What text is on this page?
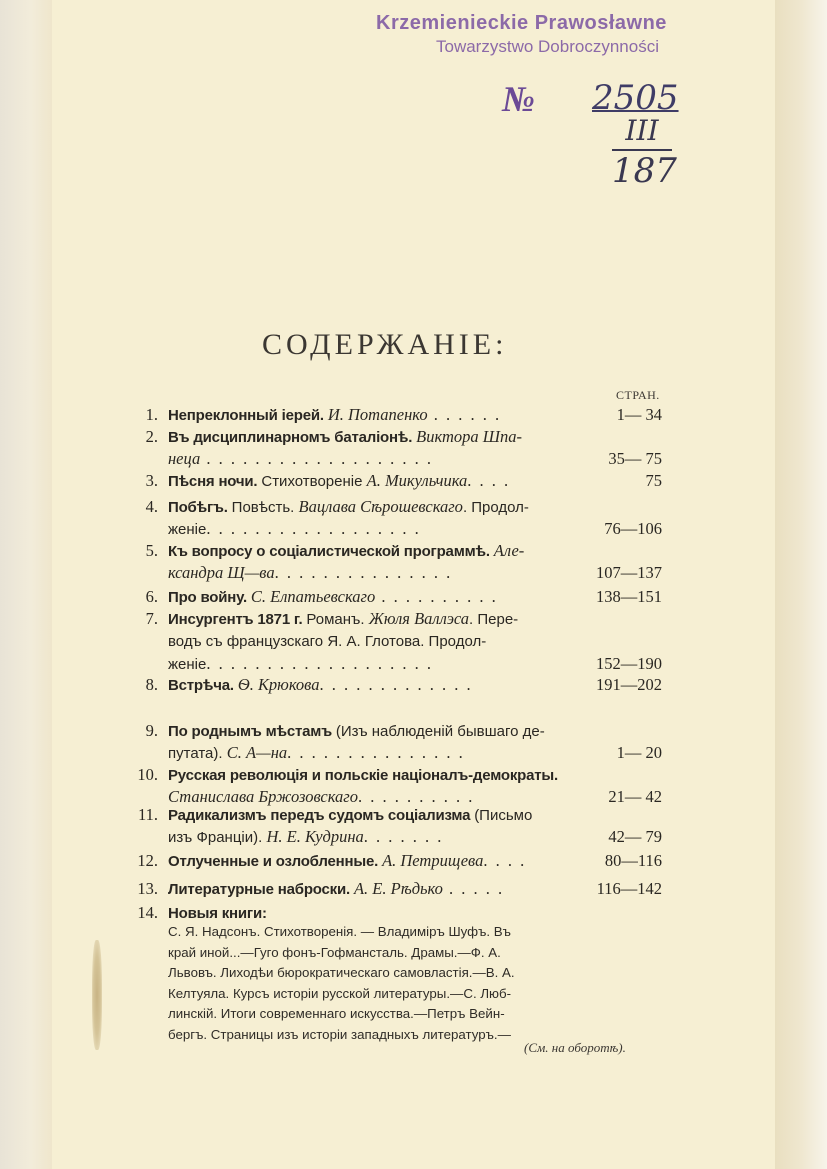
Krzemienieckie Prawosławne
Towarzystwo Dobroczynności
№ 2505
III
187
СОДЕРЖАНIЕ:
СТРАН.
1. Непреклонный iерей. И. Потапенко . . . . . .	1— 34
2. Въ дисциплинарномъ баталiонѣ. Виктора Шпа-
неца . . . . . . . . . . . . . . . . . . .	35— 75
3. Пѣсня ночи. Стихотворенiе А. Микульчика. . . .	75
4. Побѣгъ. Повѣсть. Вацлава Сѣрошевскаго. Продол-
женiе. . . . . . . . . . . . . . . . . .	76—106
5. Къ вопросу о соцiалистической программѣ. Але-
ксандра Щ—ва. . . . . . . . . . . . . . .	107—137
6. Про войну. С. Елпатьевскаго . . . . . . . . . .	138—151
7. Инсургентъ 1871 г. Романъ. Жюля Валлэса. Пере-
водъ съ французскаго Я. А. Глотова. Продол-
женiе. . . . . . . . . . . . . . . . . . .	152—190
8. Встрѣча. Ѳ. Крюкова. . . . . . . . . . . . .	191—202
9. По роднымъ мѣстамъ (Изъ наблюденiй бывшаго де-
путата). С. А—на. . . . . . . . . . . . . . .	1— 20
10. Русская революцiя и польскiе нацiоналъ-демократы.
Станислава Бржозовскаго. . . . . . . . . .	21— 42
11. Радикализмъ передъ судомъ соцiализма (Письмо
изъ Францiи). Н. Е. Кудрина. . . . . . .	42— 79
12. Отлученные и озлобленные. А. Петрищева. . . .	80—116
13. Литературные наброски. А. Е. Рѣдько . . . . .	116—142
14. Новыя книги:
С. Я. Надсонъ. Стихотворенiя. — Владимiръ Шуфъ. Въ
край иной...—Гуго фонъ-Гофмансталь. Драмы.—Ф. А.
Львовъ. Лиходѣи бюрократическаго самовластiя.—В. А.
Келтуяла. Курсъ исторiи русской литературы.—С. Люб-
линскiй. Итоги современнаго искусства.—Петръ Вейн-
бергъ. Страницы изъ исторiи западныхъ литературъ.—
(См. на оборотѣ).
